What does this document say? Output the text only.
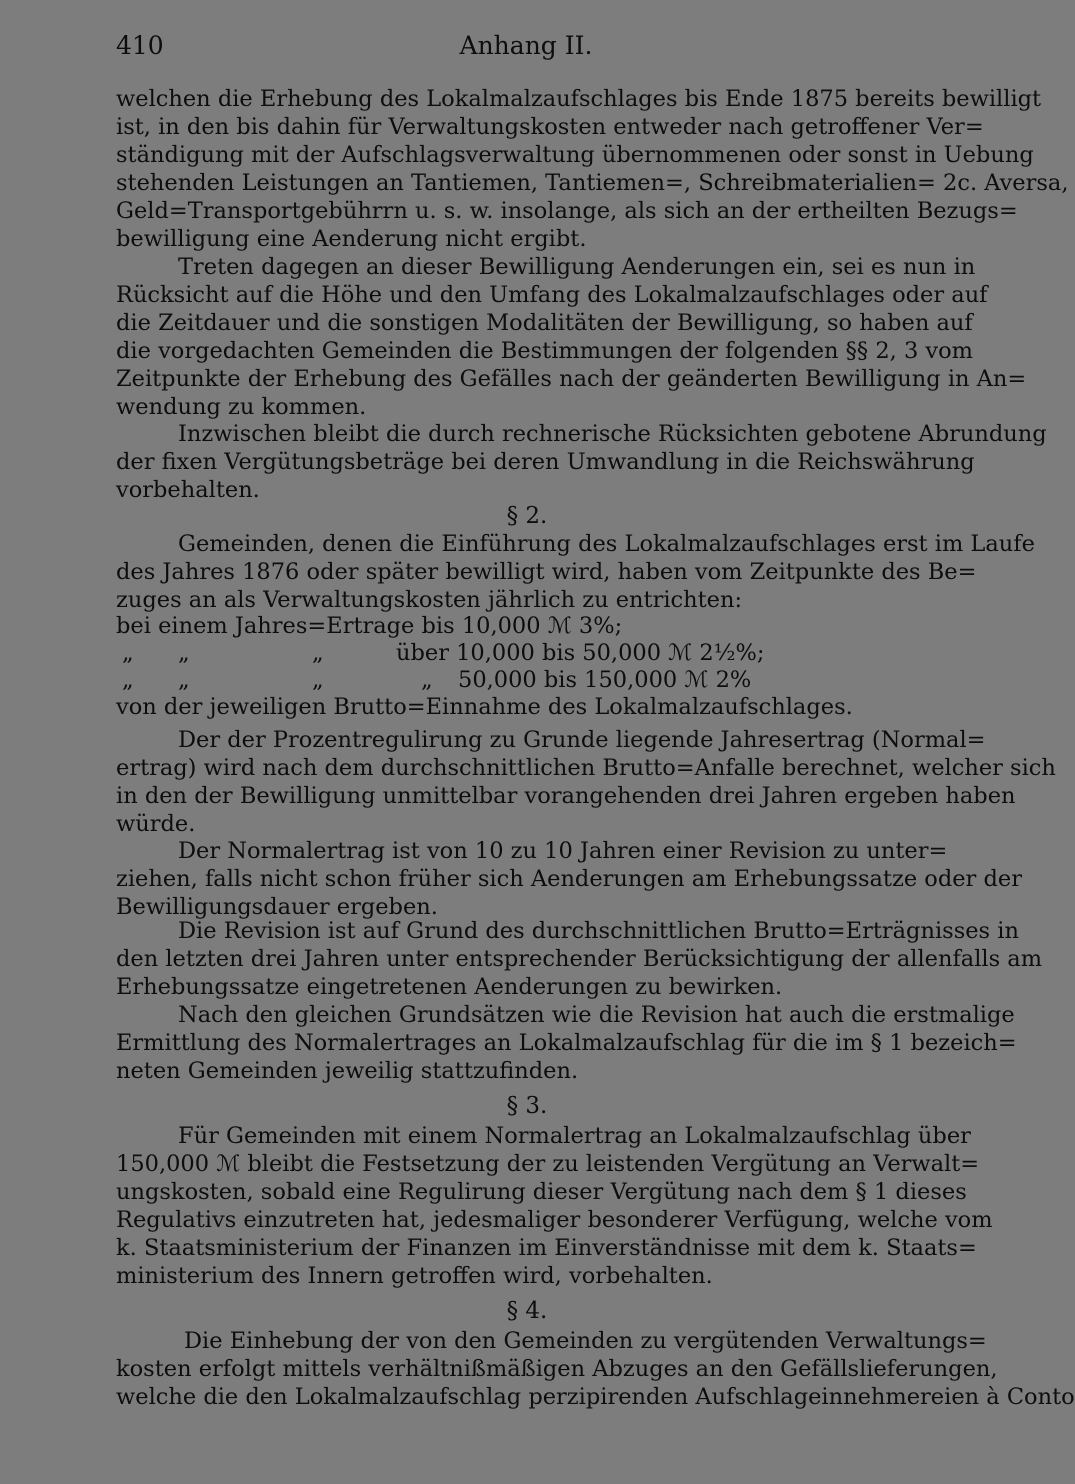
410	Anhang II.
welchen die Erhebung des Lokalmalzaufschlages bis Ende 1875 bereits bewilligt
ist, in den bis dahin für Verwaltungskosten entweder nach getroffener Ver=
ständigung mit der Aufschlagsverwaltung übernommenen oder sonst in Uebung
stehenden Leistungen an Tantiemen, Tantiemen=, Schreibmaterialien= 2c. Aversa,
Geld=Transportgebührrn u. s. w. insolange, als sich an der ertheilten Bezugs=
bewilligung eine Aenderung nicht ergibt.
Treten dagegen an dieser Bewilligung Aenderungen ein, sei es nun in
Rücksicht auf die Höhe und den Umfang des Lokalmalzaufschlages oder auf
die Zeitdauer und die sonstigen Modalitäten der Bewilligung, so haben auf
die vorgedachten Gemeinden die Bestimmungen der folgenden §§ 2, 3 vom
Zeitpunkte der Erhebung des Gefälles nach der geänderten Bewilligung in An=
wendung zu kommen.
Inzwischen bleibt die durch rechnerische Rücksichten gebotene Abrundung
der fixen Vergütungsbeträge bei deren Umwandlung in die Reichswährung
vorbehalten.
§ 2.
Gemeinden, denen die Einführung des Lokalmalzaufschlages erst im Laufe
des Jahres 1876 oder später bewilligt wird, haben vom Zeitpunkte des Be=
zuges an als Verwaltungskosten jährlich zu entrichten:
bei einem Jahres=Ertrage bis 10,000 ℳ 3%;
„ „	„	über 10,000 bis 50,000 ℳ 2½%;
„ „	„	„ 50,000 bis 150,000 ℳ 2%
von der jeweiligen Brutto=Einnahme des Lokalmalzaufschlages.
Der der Prozentregulirung zu Grunde liegende Jahresertrag (Normal=
ertrag) wird nach dem durchschnittlichen Brutto=Anfalle berechnet, welcher sich
in den der Bewilligung unmittelbar vorangehenden drei Jahren ergeben haben
würde.
Der Normalertrag ist von 10 zu 10 Jahren einer Revision zu unter=
ziehen, falls nicht schon früher sich Aenderungen am Erhebungssatze oder der
Bewilligungsdauer ergeben.
Die Revision ist auf Grund des durchschnittlichen Brutto=Erträgnisses in
den letzten drei Jahren unter entsprechender Berücksichtigung der allenfalls am
Erhebungssatze eingetretenen Aenderungen zu bewirken.
Nach den gleichen Grundsätzen wie die Revision hat auch die erstmalige
Ermittlung des Normalertrages an Lokalmalzaufschlag für die im § 1 bezeich=
neten Gemeinden jeweilig stattzufinden.
§ 3.
Für Gemeinden mit einem Normalertrag an Lokalmalzaufschlag über
150,000 ℳ bleibt die Festsetzung der zu leistenden Vergütung an Verwalt=
ungskosten, sobald eine Regulirung dieser Vergütung nach dem § 1 dieses
Regulativs einzutreten hat, jedesmaliger besonderer Verfügung, welche vom
k. Staatsministerium der Finanzen im Einverständnisse mit dem k. Staats=
ministerium des Innern getroffen wird, vorbehalten.
§ 4.
Die Einhebung der von den Gemeinden zu vergütenden Verwaltungs=
kosten erfolgt mittels verhältnißmäßigen Abzuges an den Gefällslieferungen,
welche die den Lokalmalzaufschlag perzipirenden Aufschlageinnehmereien à Conto
